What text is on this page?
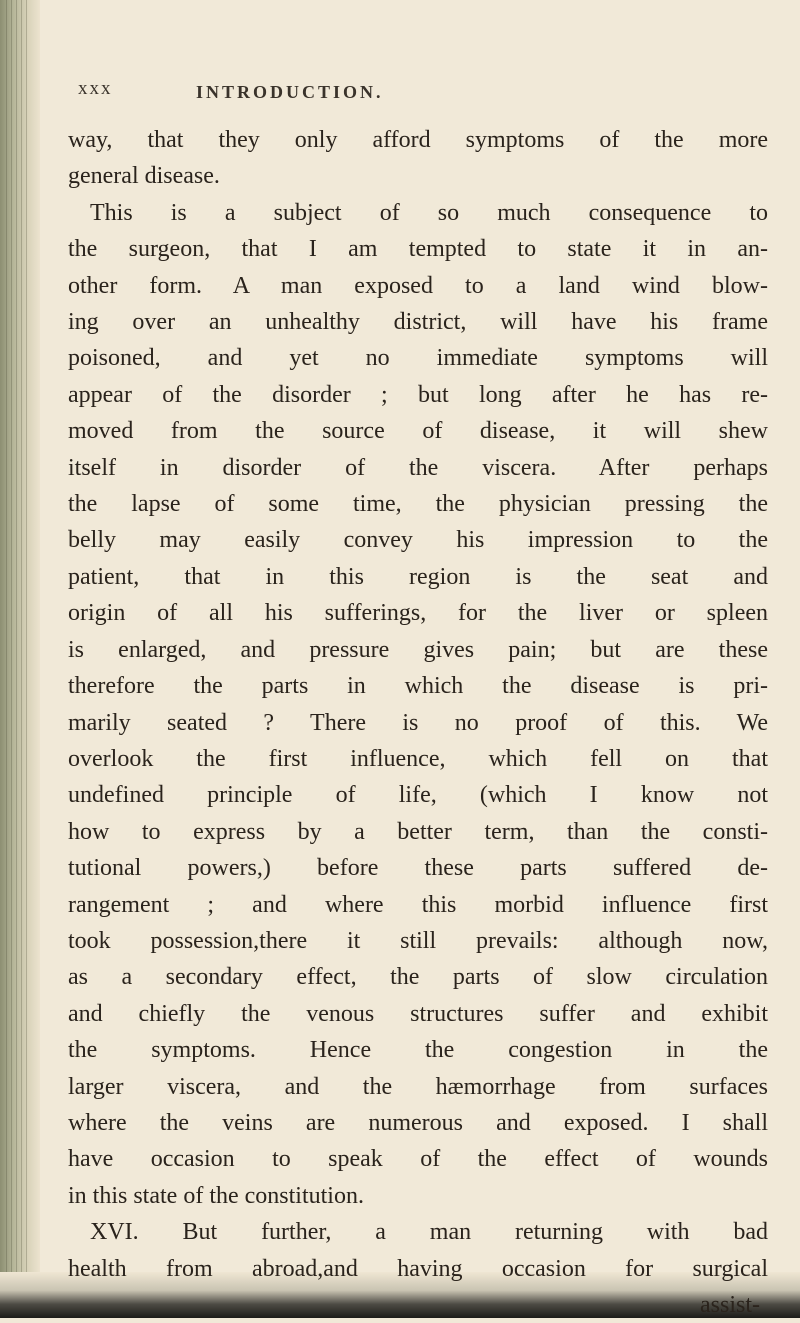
xxx	INTRODUCTION.
way, that they only afford symptoms of the more
general disease.
This is a subject of so much consequence to
the surgeon, that I am tempted to state it in an-
other form. A man exposed to a land wind blow-
ing over an unhealthy district, will have his frame
poisoned, and yet no immediate symptoms will
appear of the disorder ; but long after he has re-
moved from the source of disease, it will shew
itself in disorder of the viscera. After perhaps
the lapse of some time, the physician pressing the
belly may easily convey his impression to the
patient, that in this region is the seat and
origin of all his sufferings, for the liver or spleen
is enlarged, and pressure gives pain; but are these
therefore the parts in which the disease is pri-
marily seated ? There is no proof of this. We
overlook the first influence, which fell on that
undefined principle of life, (which I know not
how to express by a better term, than the consti-
tutional powers,) before these parts suffered de-
rangement ; and where this morbid influence first
took possession,there it still prevails: although now,
as a secondary effect, the parts of slow circulation
and chiefly the venous structures suffer and exhibit
the symptoms. Hence the congestion in the
larger viscera, and the hæmorrhage from surfaces
where the veins are numerous and exposed. I shall
have occasion to speak of the effect of wounds
in this state of the constitution.
XVI. But further, a man returning with bad
health from abroad,and having occasion for surgical
assist-
